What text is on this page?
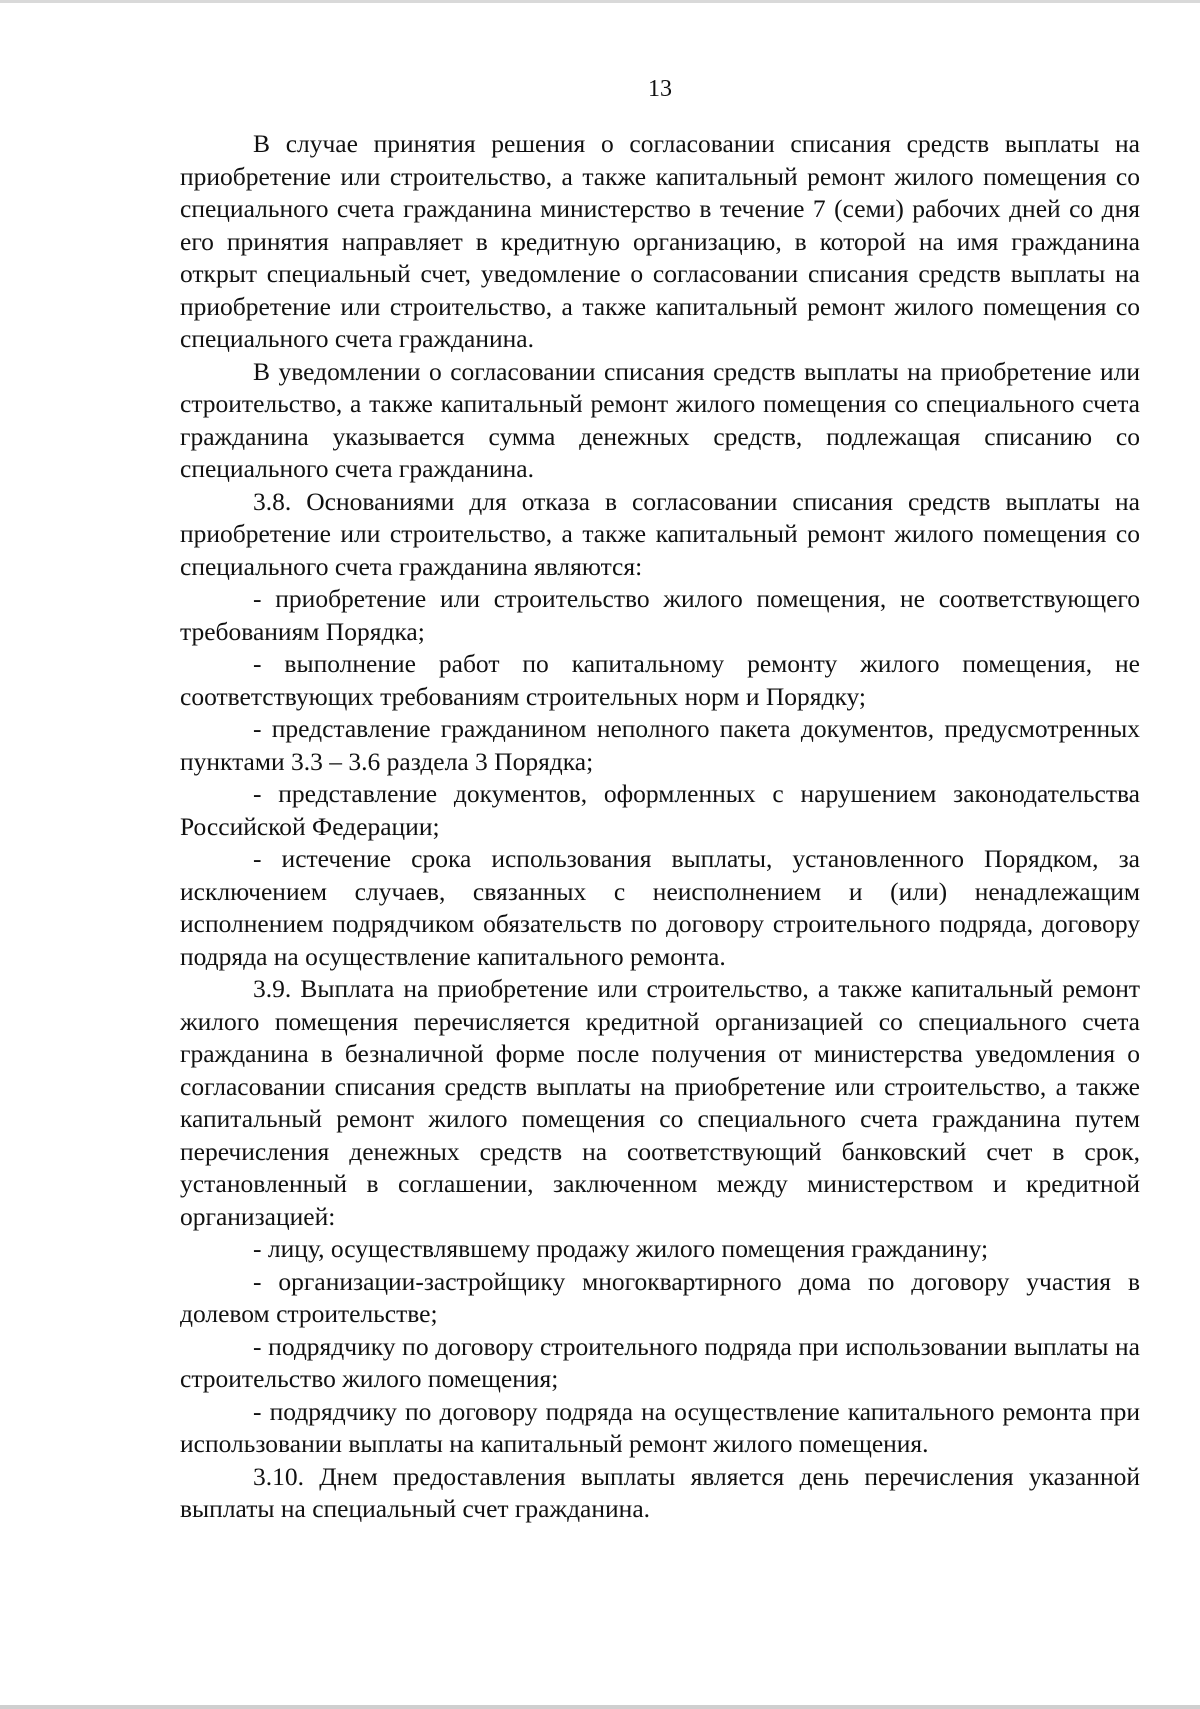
13

В случае принятия решения о согласовании списания средств выплаты на приобретение или строительство, а также капитальный ремонт жилого помещения со специального счета гражданина министерство в течение 7 (семи) рабочих дней со дня его принятия направляет в кредитную организацию, в которой на имя гражданина открыт специальный счет, уведомление о согласовании списания средств выплаты на приобретение или строительство, а также капитальный ремонт жилого помещения со специального счета гражданина.

В уведомлении о согласовании списания средств выплаты на приобретение или строительство, а также капитальный ремонт жилого помещения со специального счета гражданина указывается сумма денежных средств, подлежащая списанию со специального счета гражданина.

3.8. Основаниями для отказа в согласовании списания средств выплаты на приобретение или строительство, а также капитальный ремонт жилого помещения со специального счета гражданина являются:

- приобретение или строительство жилого помещения, не соответствующего требованиям Порядка;

- выполнение работ по капитальному ремонту жилого помещения, не соответствующих требованиям строительных норм и Порядку;

- представление гражданином неполного пакета документов, предусмотренных пунктами 3.3 – 3.6 раздела 3 Порядка;

- представление документов, оформленных с нарушением законодательства Российской Федерации;

- истечение срока использования выплаты, установленного Порядком, за исключением случаев, связанных с неисполнением и (или) ненадлежащим исполнением подрядчиком обязательств по договору строительного подряда, договору подряда на осуществление капитального ремонта.

3.9. Выплата на приобретение или строительство, а также капитальный ремонт жилого помещения перечисляется кредитной организацией со специального счета гражданина в безналичной форме после получения от министерства уведомления о согласовании списания средств выплаты на приобретение или строительство, а также капитальный ремонт жилого помещения со специального счета гражданина путем перечисления денежных средств на соответствующий банковский счет в срок, установленный в соглашении, заключенном между министерством и кредитной организацией:

- лицу, осуществлявшему продажу жилого помещения гражданину;

- организации-застройщику многоквартирного дома по договору участия в долевом строительстве;

- подрядчику по договору строительного подряда при использовании выплаты на строительство жилого помещения;

- подрядчику по договору подряда на осуществление капитального ремонта при использовании выплаты на капитальный ремонт жилого помещения.

3.10. Днем предоставления выплаты является день перечисления указанной выплаты на специальный счет гражданина.
